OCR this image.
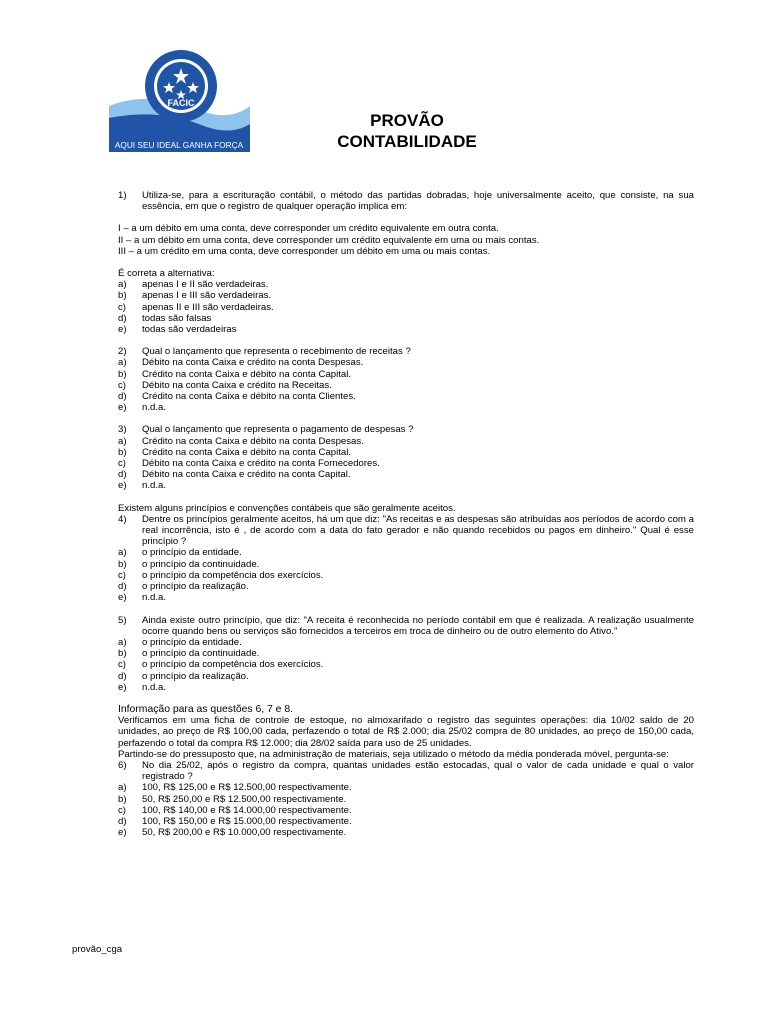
FACIC
AQUI SEU IDEAL GANHA FORÇA
PROVÃO
CONTABILIDADE
1)	Utiliza-se, para a escrituração contábil, o método das partidas dobradas, hoje universalmente aceito, que consiste, na sua essência, em que o registro de qualquer operação implica em:
I – a um débito em uma conta, deve corresponder um crédito equivalente em outra conta.
II – a um débito em uma conta, deve corresponder um crédito equivalente em uma ou mais contas.
III – a um crédito em uma conta, deve corresponder um débito em uma ou mais contas.
É correta a alternativa:
a)	apenas I e II são verdadeiras.
b)	apenas I e III são verdadeiras.
c)	apenas II e III são verdadeiras.
d)	todas são falsas
e)	todas são verdadeiras
2)	Qual o lançamento que representa o recebimento de receitas ?
a)	Débito na conta Caixa e crédito na conta Despesas.
b)	Crédito na conta Caixa e débito na conta Capital.
c)	Débito na conta Caixa e crédito na Receitas.
d)	Crédito na conta Caixa e débito na conta Clientes.
e)	n.d.a.
3)	Qual o lançamento que representa o pagamento de despesas ?
a)	Crédito na conta Caixa e débito na conta Despesas.
b)	Crédito na conta Caixa e débito na conta Capital.
c)	Débito na conta Caixa e crédito na conta Fornecedores.
d)	Débito na conta Caixa e crédito na conta Capital.
e)	n.d.a.
Existem alguns princípios e convenções contábeis que são geralmente aceitos.
4)	Dentre os princípios geralmente aceitos, há um que diz: "As receitas e as despesas são atribuídas aos períodos de acordo com a real incorrência, isto é , de acordo com a data do fato gerador e não quando recebidos ou pagos em dinheiro." Qual é esse princípio ?
a)	o princípio da entidade.
b)	o princípio da continuidade.
c)	o princípio da competência dos exercícios.
d)	o princípio da realização.
e)	n.d.a.
5)	Ainda existe outro princípio, que diz: "A receita é reconhecida no período contábil em que é realizada. A realização usualmente ocorre quando bens ou serviços são fornecidos a terceiros em troca de dinheiro ou de outro elemento do Ativo."
a)	o princípio da entidade.
b)	o princípio da continuidade.
c)	o princípio da competência dos exercícios.
d)	o princípio da realização.
e)	n.d.a.
Informação para as questões 6, 7 e 8.
Verificamos em uma ficha de controle de estoque, no almoxarifado o registro das seguintes operações: dia 10/02 saldo de 20 unidades, ao preço de R$ 100,00 cada, perfazendo o total de R$ 2.000; dia 25/02 compra de 80 unidades, ao preço de 150,00 cada, perfazendo o total da compra R$ 12.000; dia 28/02 saída para uso de 25 unidades.
Partindo-se do pressuposto que, na administração de materiais, seja utilizado o método da média ponderada móvel, pergunta-se:
6)	No dia 25/02, após o registro da compra, quantas unidades estão estocadas, qual o valor de cada unidade e qual o valor registrado ?
a)	100, R$ 125,00 e R$ 12.500,00 respectivamente.
b)	50, R$ 250,00 e R$ 12.500,00 respectivamente.
c)	100, R$ 140,00 e R$ 14.000,00 respectivamente.
d)	100, R$ 150,00 e R$ 15.000,00 respectivamente.
e)	50, R$ 200,00 e R$ 10.000,00 respectivamente.
provão_cga
